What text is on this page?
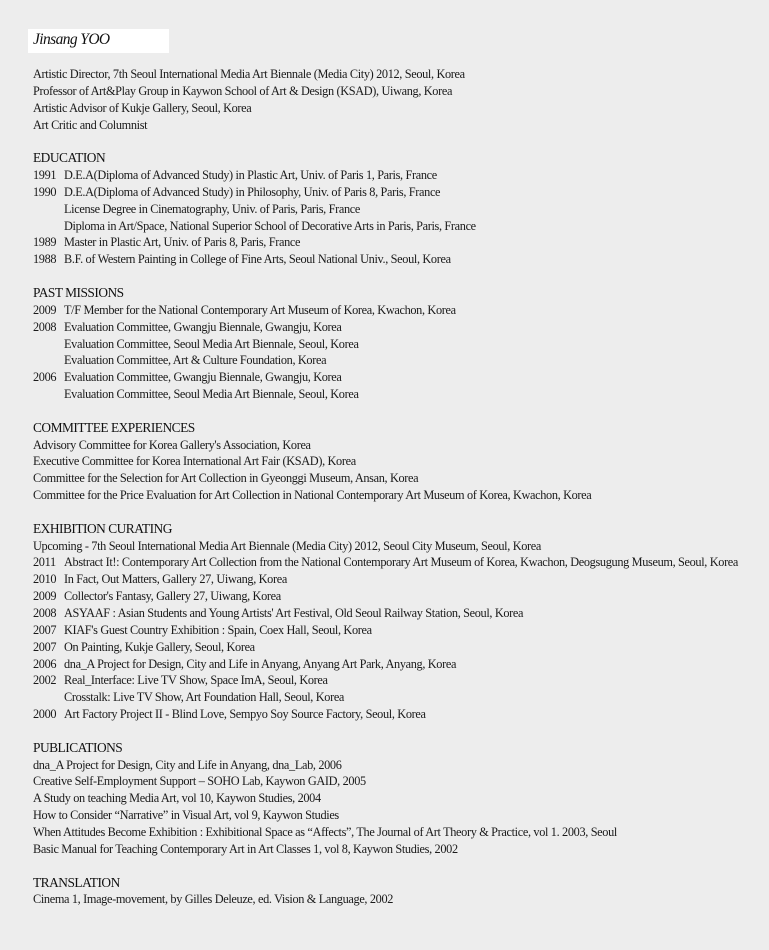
Jinsang YOO
Artistic Director, 7th Seoul International Media Art Biennale (Media City) 2012, Seoul, Korea
Professor of Art&Play Group in Kaywon School of Art & Design (KSAD), Uiwang, Korea
Artistic Advisor of Kukje Gallery, Seoul, Korea
Art Critic and Columnist
EDUCATION
1991 D.E.A(Diploma of Advanced Study) in Plastic Art, Univ. of Paris 1, Paris, France
1990 D.E.A(Diploma of Advanced Study) in Philosophy, Univ. of Paris 8, Paris, France
License Degree in Cinematography, Univ. of Paris, Paris, France
Diploma in Art/Space, National Superior School of Decorative Arts in Paris, Paris, France
1989 Master in Plastic Art, Univ. of Paris 8, Paris, France
1988 B.F. of Western Painting in College of Fine Arts, Seoul National Univ., Seoul, Korea
PAST MISSIONS
2009 T/F Member for the National Contemporary Art Museum of Korea, Kwachon, Korea
2008 Evaluation Committee, Gwangju Biennale, Gwangju, Korea
Evaluation Committee, Seoul Media Art Biennale, Seoul, Korea
Evaluation Committee, Art & Culture Foundation, Korea
2006 Evaluation Committee, Gwangju Biennale, Gwangju, Korea
Evaluation Committee, Seoul Media Art Biennale, Seoul, Korea
COMMITTEE EXPERIENCES
Advisory Committee for Korea Gallery's Association, Korea
Executive Committee for Korea International Art Fair (KSAD), Korea
Committee for the Selection for Art Collection in Gyeonggi Museum, Ansan, Korea
Committee for the Price Evaluation for Art Collection in National Contemporary Art Museum of Korea, Kwachon, Korea
EXHIBITION CURATING
Upcoming - 7th Seoul International Media Art Biennale (Media City) 2012, Seoul City Museum, Seoul, Korea
2011 Abstract It!: Contemporary Art Collection from the National Contemporary Art Museum of Korea, Kwachon, Deogsugung Museum, Seoul, Korea
2010 In Fact, Out Matters, Gallery 27, Uiwang, Korea
2009 Collector's Fantasy, Gallery 27, Uiwang, Korea
2008 ASYAAF : Asian Students and Young Artists' Art Festival, Old Seoul Railway Station, Seoul, Korea
2007 KIAF's Guest Country Exhibition : Spain, Coex Hall, Seoul, Korea
2007 On Painting, Kukje Gallery, Seoul, Korea
2006 dna_A Project for Design, City and Life in Anyang, Anyang Art Park, Anyang, Korea
2002 Real_Interface: Live TV Show, Space ImA, Seoul, Korea
Crosstalk: Live TV Show, Art Foundation Hall, Seoul, Korea
2000 Art Factory Project II - Blind Love, Sempyo Soy Source Factory, Seoul, Korea
PUBLICATIONS
dna_A Project for Design, City and Life in Anyang, dna_Lab, 2006
Creative Self-Employment Support – SOHO Lab, Kaywon GAID, 2005
A Study on teaching Media Art, vol 10, Kaywon Studies, 2004
How to Consider “Narrative” in Visual Art, vol 9, Kaywon Studies
When Attitudes Become Exhibition : Exhibitional Space as “Affects”, The Journal of Art Theory & Practice, vol 1. 2003, Seoul
Basic Manual for Teaching Contemporary Art in Art Classes 1, vol 8, Kaywon Studies, 2002
TRANSLATION
Cinema 1, Image-movement, by Gilles Deleuze, ed. Vision & Language, 2002
